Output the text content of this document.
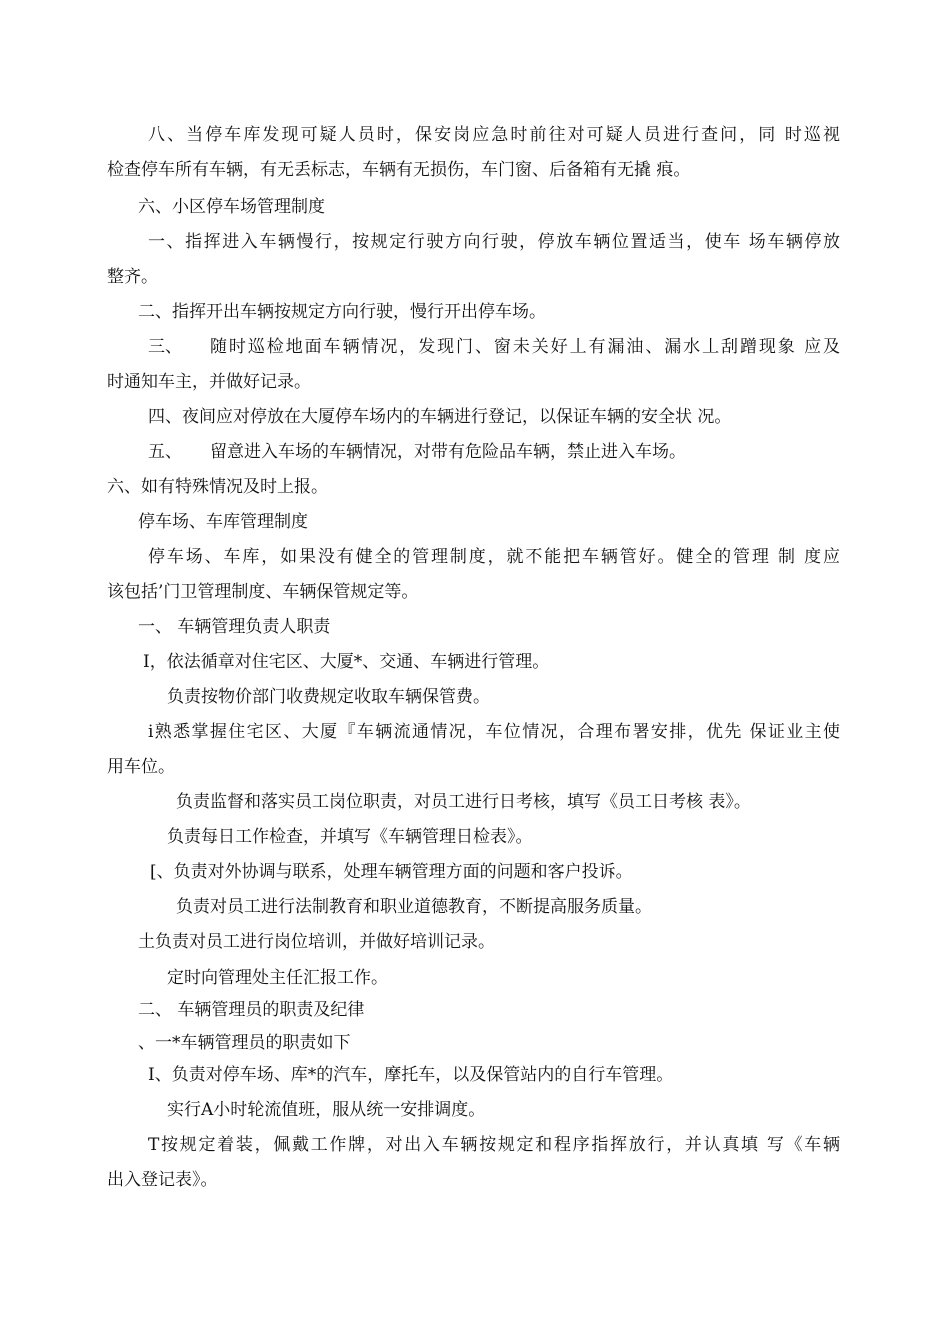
八、当停车库发现可疑人员时，保安岗应急时前往对可疑人员进行查问，同 时巡视

检查停车所有车辆，有无丢标志，车辆有无损伤，车门窗、后备箱有无撬 痕。

六、小区停车场管理制度

一、指挥进入车辆慢行，按规定行驶方向行驶，停放车辆位置适当，使车 场车辆停放

整齐。

二、指挥开出车辆按规定方向行驶，慢行开出停车场。

三、 随时巡检地面车辆情况，发现门、窗未关好丄有漏油、漏水丄刮蹭现象 应及

时通知车主，并做好记录。

四、夜间应对停放在大厦停车场内的车辆进行登记，以保证车辆的安全状 况。

五、 留意进入车场的车辆情况，对带有危险品车辆，禁止进入车场。

六、如有特殊情况及时上报。

停车场、车库管理制度

停车场、车库，如果没有健全的管理制度，就不能把车辆管好。健全的管理 制 度应

该包括’门卫管理制度、车辆保管规定等。

一、 车辆管理负责人职责

I，依法循章对住宅区、大厦*、交通、车辆进行管理。

负责按物价部门收费规定收取车辆保管费。

i熟悉掌握住宅区、大厦『车辆流通情况，车位情况，合理布署安排，优先 保证业主使

用车位。

负责监督和落实员工岗位职责，对员工进行日考核，填写《员工日考核 表》。

负责每日工作检查，并填写《车辆管理日检表》。

[、负责对外协调与联系，处理车辆管理方面的问题和客户投诉。

负责对员工进行法制教育和职业道德教育，不断提高服务质量。

土负责对员工进行岗位培训，并做好培训记录。

定时向管理处主任汇报工作。

二、 车辆管理员的职责及纪律

、一*车辆管理员的职责如下

I、负责对停车场、库*的汽车，摩托车，以及保管站内的自行车管理。

实行A小时轮流值班，服从统一安排调度。

T按规定着装，佩戴工作牌，对出入车辆按规定和程序指挥放行，并认真填 写《车辆

出入登记表》。
